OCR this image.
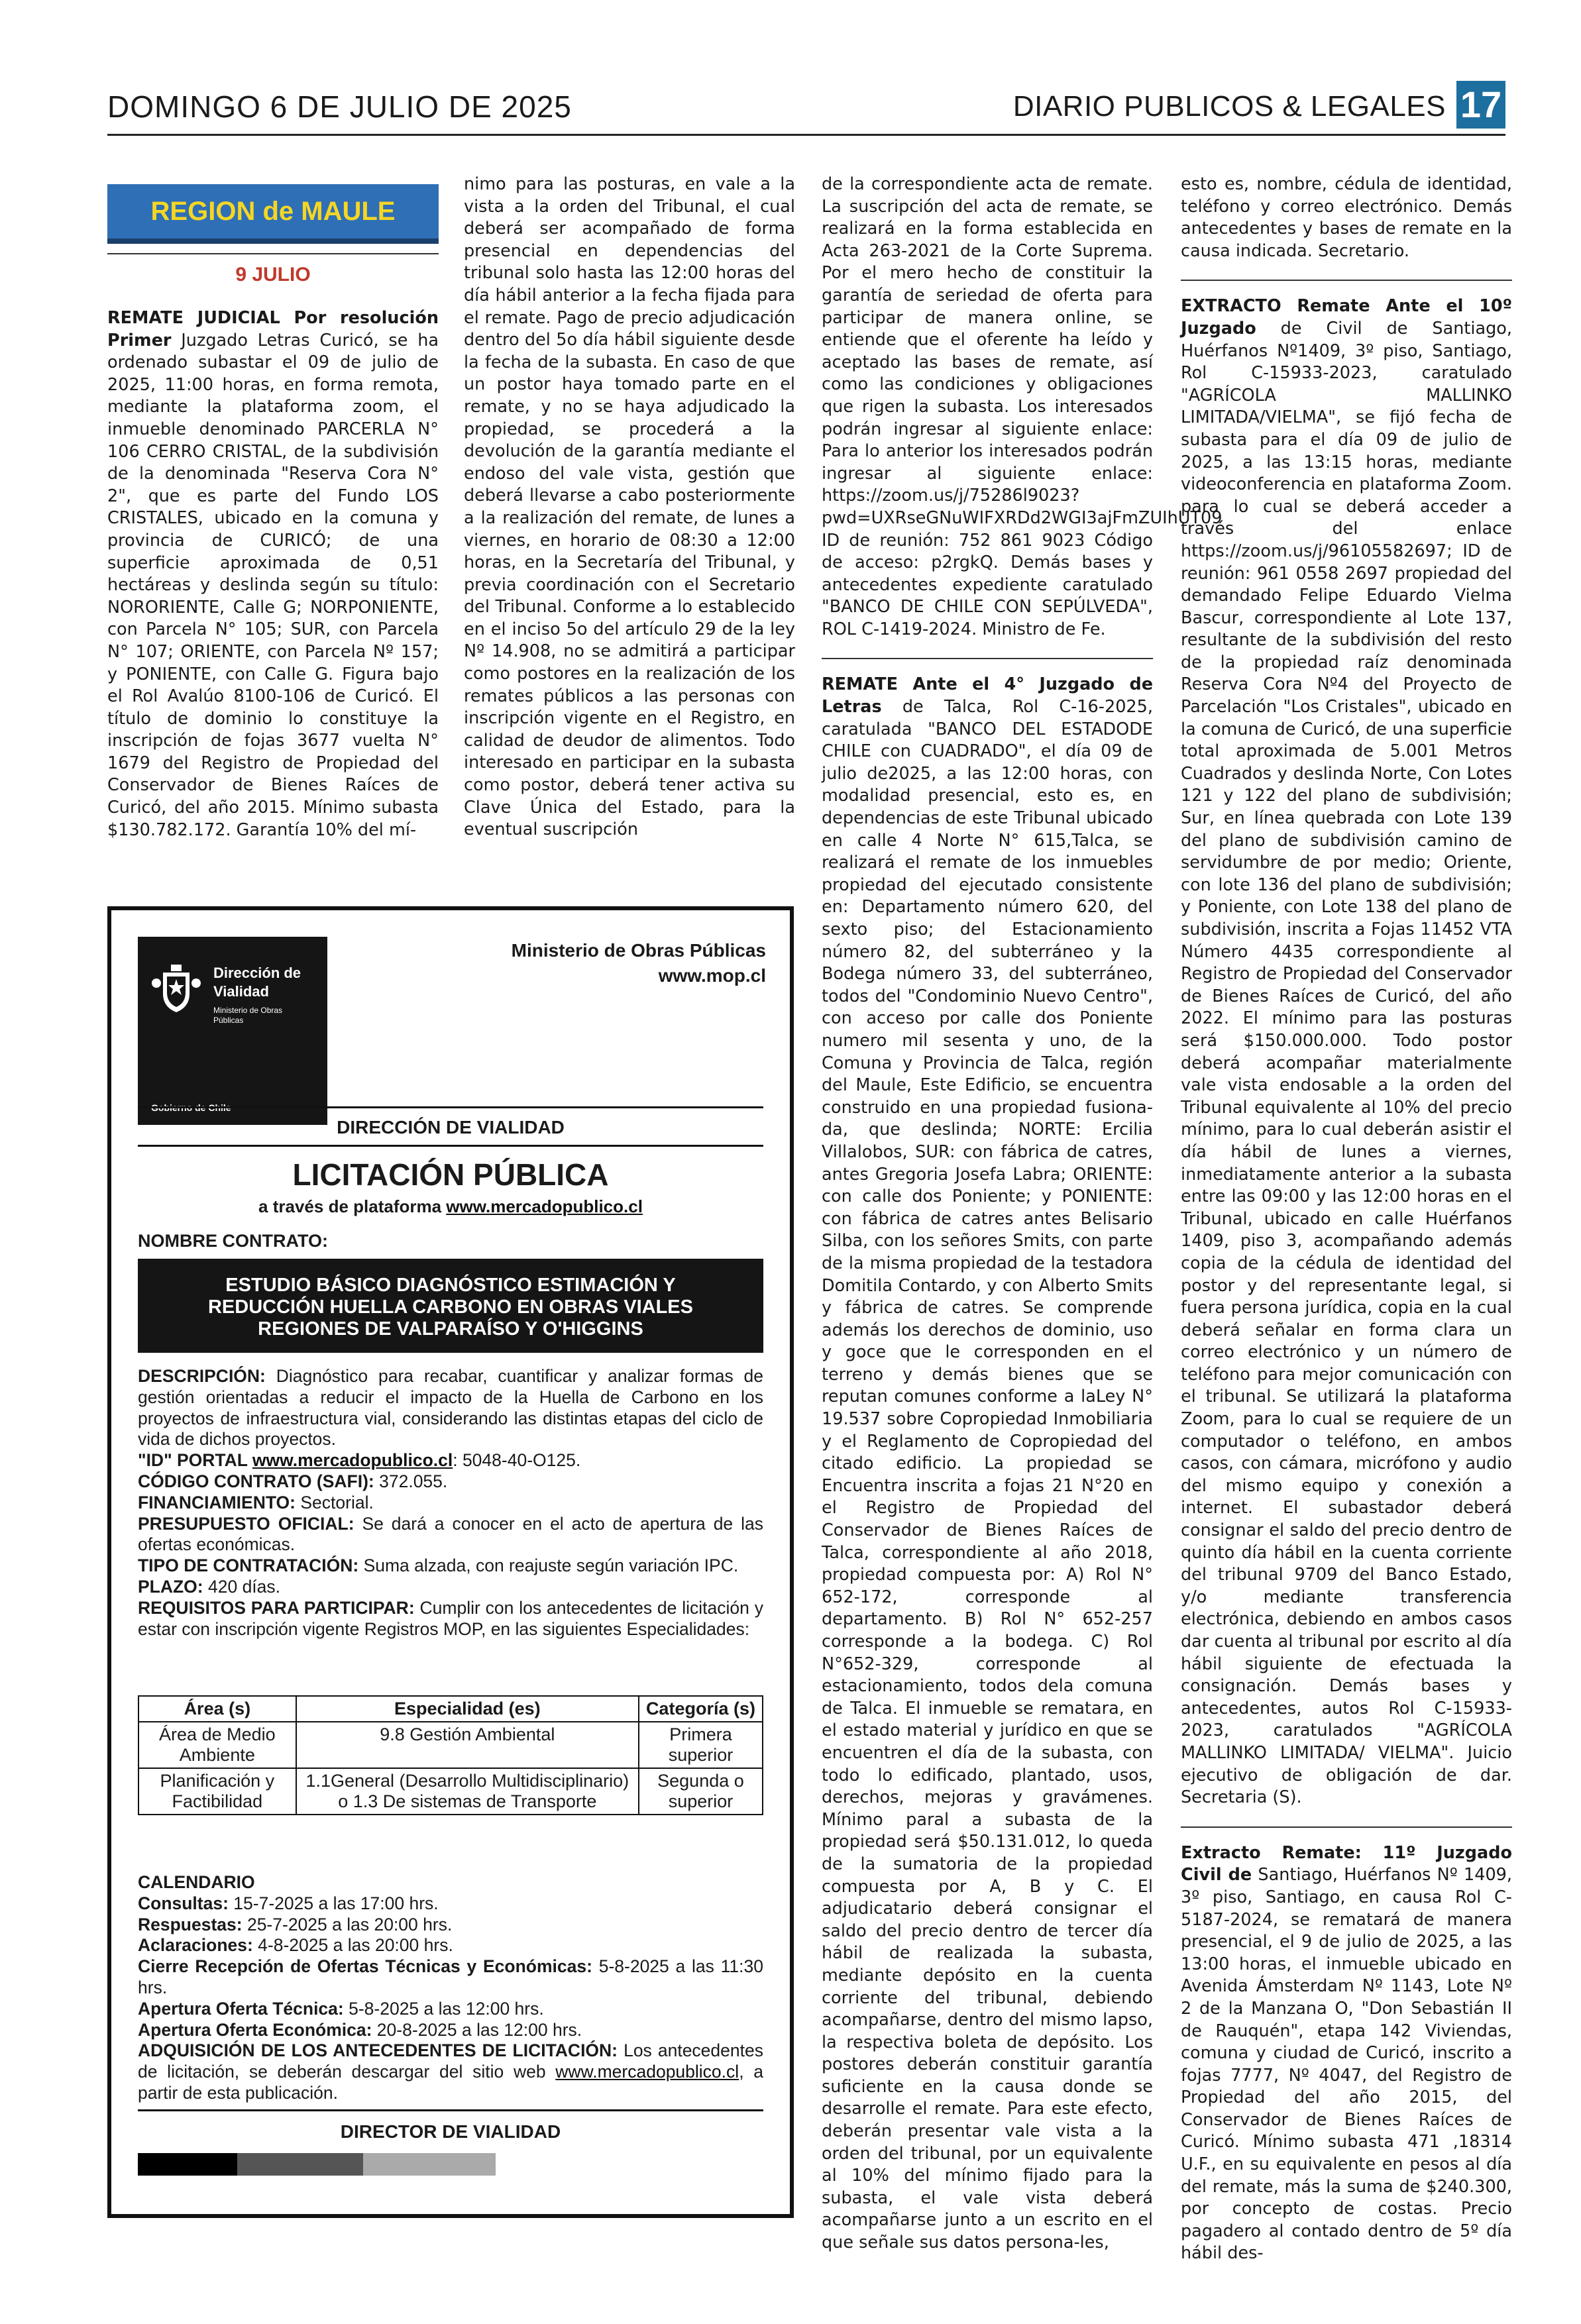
DOMINGO 6 DE JULIO DE 2025	DIARIO PUBLICOS & LEGALES 17
REGION de MAULE
9 JULIO

REMATE JUDICIAL Por resolución Primer Juzgado Letras Curicó, se ha ordenado subastar el 09 de julio de 2025, 11:00 horas, en forma remota, mediante la plataforma zoom, el inmueble denominado PARCERLA N° 106 CERRO CRISTAL, de la subdivisión de la denominada "Reserva Cora N° 2", que es parte del Fundo LOS CRISTALES, ubicado en la comuna y provincia de CURICÓ; de una superficie aproximada de 0,51 hectáreas y deslinda según su título: NORORIENTE, Calle G; NORPONIENTE, con Parcela N° 105; SUR, con Parcela N° 107; ORIENTE, con Parcela Nº 157; y PONIENTE, con Calle G. Figura bajo el Rol Avalúo 8100-106 de Curicó. El título de dominio lo constituye la inscripción de fojas 3677 vuelta N° 1679 del Registro de Propiedad del Conservador de Bienes Raíces de Curicó, del año 2015. Mínimo subasta $130.782.172. Garantía 10% del mí-

nimo para las posturas, en vale a la vista a la orden del Tribunal, el cual deberá ser acompañado de forma presencial en dependencias del tribunal solo hasta las 12:00 horas del día hábil anterior a la fecha fijada para el remate. Pago de precio adjudicación dentro del 5o día hábil siguiente desde la fecha de la subasta. En caso de que un postor haya tomado parte en el remate, y no se haya adjudicado la propiedad, se procederá a la devolución de la garantía mediante el endoso del vale vista, gestión que deberá llevarse a cabo posteriormente a la realización del remate, de lunes a viernes, en horario de 08:30 a 12:00 horas, en la Secretaría del Tribunal, y previa coordinación con el Secretario del Tribunal. Conforme a lo establecido en el inciso 5o del artículo 29 de la ley Nº 14.908, no se admitirá a participar como postores en la realización de los remates públicos a las personas con inscripción vigente en el Registro, en calidad de deudor de alimentos. Todo interesado en participar en la subasta como postor, deberá tener activa su Clave Única del Estado, para la eventual suscripción

de la correspondiente acta de remate. La suscripción del acta de remate, se realizará en la forma establecida en Acta 263-2021 de la Corte Suprema. Por el mero hecho de constituir la garantía de seriedad de oferta para participar de manera online, se entiende que el oferente ha leído y aceptado las bases de remate, así como las condiciones y obligaciones que rigen la subasta. Los interesados podrán ingresar al siguiente enlace: Para lo anterior los interesados podrán ingresar al siguiente enlace: https://zoom.us/j/75286l9023?pwd=UXRseGNuWIFXRDd2WGI3ajFmZUIhUT09 ID de reunión: 752 861 9023 Código de acceso: p2rgkQ. Demás bases y antecedentes expediente caratulado "BANCO DE CHILE CON SEPÚLVEDA", ROL C-1419-2024. Ministro de Fe.

REMATE Ante el 4° Juzgado de Letras de Talca, Rol C-16-2025, caratulada "BANCO DEL ESTADODE CHILE con CUADRADO", el día 09 de julio de2025, a las 12:00 horas, con modalidad presencial, esto es, en dependencias de este Tribunal ubicado en calle 4 Norte N° 615,Talca, se realizará el remate de los inmuebles propiedad del ejecutado consistente en: Departamento número 620, del sexto piso; del Estacionamiento número 82, del subterráneo y la Bodega número 33, del subterráneo, todos del "Condominio Nuevo Centro", con acceso por calle dos Poniente numero mil sesenta y uno, de la Comuna y Provincia de Talca, región del Maule, Este Edificio, se encuentra construido en una propiedad fusiona-da, que deslinda; NORTE: Ercilia Villalobos, SUR: con fábrica de catres, antes Gregoria Josefa Labra; ORIENTE: con calle dos Poniente; y PONIENTE: con fábrica de catres antes Belisario Silba, con los señores Smits, con parte de la misma propiedad de la testadora Domitila Contardo, y con Alberto Smits y fábrica de catres. Se comprende además los derechos de dominio, uso y goce que le corresponden en el terreno y demás bienes que se reputan comunes conforme a laLey N° 19.537 sobre Copropiedad Inmobiliaria y el Reglamento de Copropiedad del citado edificio. La propiedad se Encuentra inscrita a fojas 21 N°20 en el Registro de Propiedad del Conservador de Bienes Raíces de Talca, correspondiente al año 2018, propiedad compuesta por: A) Rol N° 652-172, corresponde al departamento. B) Rol N° 652-257 corresponde a la bodega. C) Rol N°652-329, corresponde al estacionamiento, todos dela comuna de Talca. El inmueble se rematara, en el estado material y jurídico en que se encuentren el día de la subasta, con todo lo edificado, plantado, usos, derechos, mejoras y gravámenes. Mínimo paral a subasta de la propiedad será $50.131.012, lo queda de la sumatoria de la propiedad compuesta por A, B y C. El adjudicatario deberá consignar el saldo del precio dentro de tercer día hábil de realizada la subasta, mediante depósito en la cuenta corriente del tribunal, debiendo acompañarse, dentro del mismo lapso, la respectiva boleta de depósito. Los postores deberán constituir garantía suficiente en la causa donde se desarrolle el remate. Para este efecto, deberán presentar vale vista a la orden del tribunal, por un equivalente al 10% del mínimo fijado para la subasta, el vale vista deberá acompañarse junto a un escrito en el que señale sus datos persona-les,

esto es, nombre, cédula de identidad, teléfono y correo electrónico. Demás antecedentes y bases de remate en la causa indicada. Secretario.

EXTRACTO Remate Ante el 10º Juzgado de Civil de Santiago, Huérfanos Nº1409, 3º piso, Santiago, Rol C-15933-2023, caratulado "AGRÍCOLA MALLINKO LIMITADA/VIELMA", se fijó fecha de subasta para el día 09 de julio de 2025, a las 13:15 horas, mediante videoconferencia en plataforma Zoom. para lo cual se deberá acceder a través del enlace https://zoom.us/j/96105582697; ID de reunión: 961 0558 2697 propiedad del demandado Felipe Eduardo Vielma Bascur, correspondiente al Lote 137, resultante de la subdivisión del resto de la propiedad raíz denominada Reserva Cora Nº4 del Proyecto de Parcelación "Los Cristales", ubicado en la comuna de Curicó, de una superficie total aproximada de 5.001 Metros Cuadrados y deslinda Norte, Con Lotes 121 y 122 del plano de subdivisión; Sur, en línea quebrada con Lote 139 del plano de subdivisión camino de servidumbre de por medio; Oriente, con lote 136 del plano de subdivisión; y Poniente, con Lote 138 del plano de subdivisión, inscrita a Fojas 11452 VTA Número 4435 correspondiente al Registro de Propiedad del Conservador de Bienes Raíces de Curicó, del año 2022. El mínimo para las posturas será $150.000.000. Todo postor deberá acompañar materialmente vale vista endosable a la orden del Tribunal equivalente al 10% del precio mínimo, para lo cual deberán asistir el día hábil de lunes a viernes, inmediatamente anterior a la subasta entre las 09:00 y las 12:00 horas en el Tribunal, ubicado en calle Huérfanos 1409, piso 3, acompañando además copia de la cédula de identidad del postor y del representante legal, si fuera persona jurídica, copia en la cual deberá señalar en forma clara un correo electrónico y un número de teléfono para mejor comunicación con el tribunal. Se utilizará la plataforma Zoom, para lo cual se requiere de un computador o teléfono, en ambos casos, con cámara, micrófono y audio del mismo equipo y conexión a internet. El subastador deberá consignar el saldo del precio dentro de quinto día hábil en la cuenta corriente del tribunal 9709 del Banco Estado, y/o mediante transferencia electrónica, debiendo en ambos casos dar cuenta al tribunal por escrito al día hábil siguiente de efectuada la consignación. Demás bases y antecedentes, autos Rol C-15933-2023, caratulados "AGRÍCOLA MALLINKO LIMITADA/ VIELMA". Juicio ejecutivo de obligación de dar. Secretaria (S).

Extracto Remate: 11º Juzgado Civil de Santiago, Huérfanos Nº 1409, 3º piso, Santiago, en causa Rol C-5187-2024, se rematará de manera presencial, el 9 de julio de 2025, a las 13:00 horas, el inmueble ubicado en Avenida Ámsterdam Nº 1143, Lote Nº 2 de la Manzana O, "Don Sebastián II de Rauquén", etapa 142 Viviendas, comuna y ciudad de Curicó, inscrito a fojas 7777, Nº 4047, del Registro de Propiedad del año 2015, del Conservador de Bienes Raíces de Curicó. Mínimo subasta 471 ,18314 U.F., en su equivalente en pesos al día del remate, más la suma de $240.300, por concepto de costas. Precio pagadero al contado dentro de 5º día hábil des-

Dirección de
Vialidad
Ministerio de Obras Públicas
Gobierno de Chile
Ministerio de Obras Públicas
www.mop.cl
DIRECCIÓN DE VIALIDAD
LICITACIÓN PÚBLICA
a través de plataforma www.mercadopublico.cl
NOMBRE CONTRATO:
ESTUDIO BÁSICO DIAGNÓSTICO ESTIMACIÓN Y
REDUCCIÓN HUELLA CARBONO EN OBRAS VIALES
REGIONES DE VALPARAÍSO Y O'HIGGINS

DESCRIPCIÓN: Diagnóstico para recabar, cuantificar y analizar formas de gestión orientadas a reducir el impacto de la Huella de Carbono en los proyectos de infraestructura vial, considerando las distintas etapas del ciclo de vida de dichos proyectos.

"ID" PORTAL www.mercadopublico.cl: 5048-40-O125.

CÓDIGO CONTRATO (SAFI): 372.055.

FINANCIAMIENTO: Sectorial.

PRESUPUESTO OFICIAL: Se dará a conocer en el acto de apertura de las ofertas económicas.

TIPO DE CONTRATACIÓN: Suma alzada, con reajuste según variación IPC.

PLAZO: 420 días.

REQUISITOS PARA PARTICIPAR: Cumplir con los antecedentes de licitación y estar con inscripción vigente Registros MOP, en las siguientes Especialidades:

Área (s)	Especialidad (es)	Categoría (s)
Área de Medio Ambiente	9.8 Gestión Ambiental	Primera superior
Planificación y Factibilidad	1.1General (Desarrollo Multidisciplinario) o 1.3 De sistemas de Transporte	Segunda o superior

CALENDARIO

Consultas: 15-7-2025 a las 17:00 hrs.

Respuestas: 25-7-2025 a las 20:00 hrs.

Aclaraciones: 4-8-2025 a las 20:00 hrs.

Cierre Recepción de Ofertas Técnicas y Económicas: 5-8-2025 a las 11:30 hrs.

Apertura Oferta Técnica: 5-8-2025 a las 12:00 hrs.

Apertura Oferta Económica: 20-8-2025 a las 12:00 hrs.

ADQUISICIÓN DE LOS ANTECEDENTES DE LICITACIÓN: Los antecedentes de licitación, se deberán descargar del sitio web www.mercadopublico.cl, a partir de esta publicación.

DIRECTOR DE VIALIDAD
